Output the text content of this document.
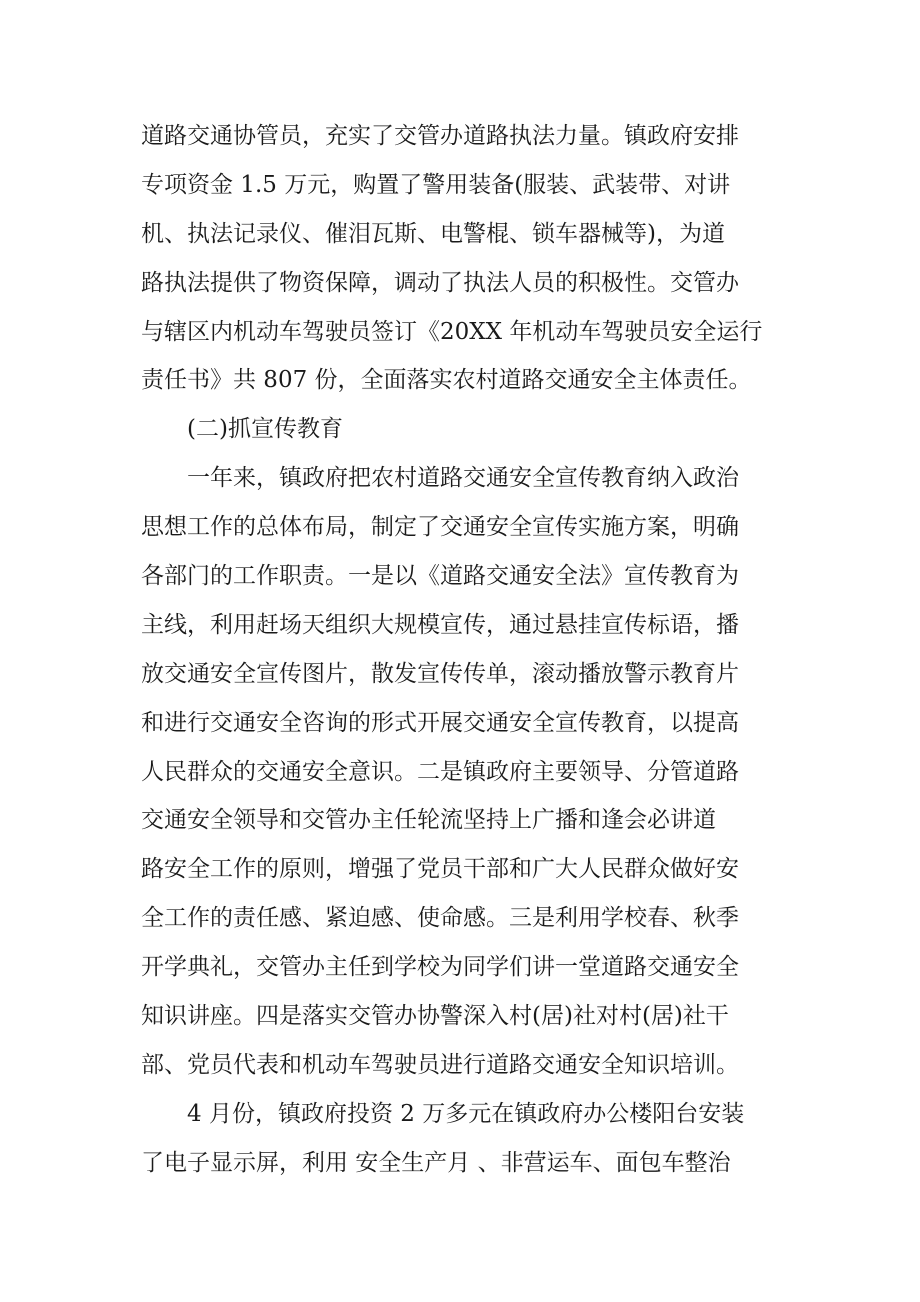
道路交通协管员，充实了交管办道路执法力量。镇政府安排
专项资金 1.5 万元，购置了警用装备(服装、武装带、对讲
机、执法记录仪、催泪瓦斯、电警棍、锁车器械等)，为道
路执法提供了物资保障，调动了执法人员的积极性。交管办
与辖区内机动车驾驶员签订《20XX 年机动车驾驶员安全运行
责任书》共 807 份，全面落实农村道路交通安全主体责任。
(二)抓宣传教育
一年来，镇政府把农村道路交通安全宣传教育纳入政治
思想工作的总体布局，制定了交通安全宣传实施方案，明确
各部门的工作职责。一是以《道路交通安全法》宣传教育为
主线，利用赶场天组织大规模宣传，通过悬挂宣传标语，播
放交通安全宣传图片，散发宣传传单，滚动播放警示教育片
和进行交通安全咨询的形式开展交通安全宣传教育，以提高
人民群众的交通安全意识。二是镇政府主要领导、分管道路
交通安全领导和交管办主任轮流坚持上广播和逢会必讲道
路安全工作的原则，增强了党员干部和广大人民群众做好安
全工作的责任感、紧迫感、使命感。三是利用学校春、秋季
开学典礼，交管办主任到学校为同学们讲一堂道路交通安全
知识讲座。四是落实交管办协警深入村(居)社对村(居)社干
部、党员代表和机动车驾驶员进行道路交通安全知识培训。
4 月份，镇政府投资 2 万多元在镇政府办公楼阳台安装
了电子显示屏，利用 安全生产月 、非营运车、面包车整治
